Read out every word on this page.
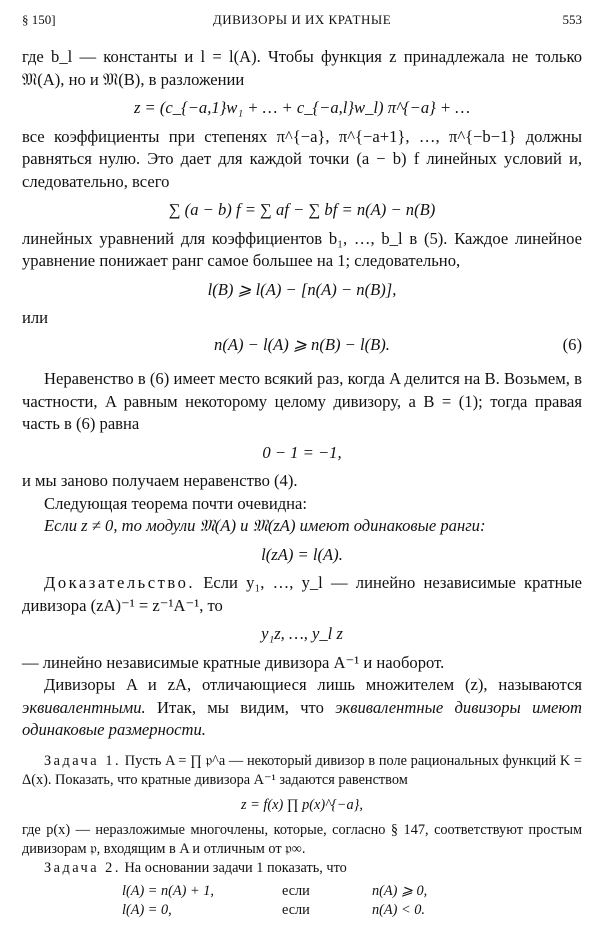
§ 150]	ДИВИЗОРЫ И ИХ КРАТНЫЕ	553

где b_l — константы и l = l(A). Чтобы функция z принадлежала не только 𝔐(A), но и 𝔐(B), в разложении

z = (c_{−a,1}w₁ + … + c_{−a,l}w_l) π^{−a} + …

все коэффициенты при степенях π^{−a}, π^{−a+1}, …, π^{−b−1} должны равняться нулю. Это дает для каждой точки (a − b) f линейных условий и, следовательно, всего

∑ (a − b) f = ∑ af − ∑ bf = n(A) − n(B)

линейных уравнений для коэффициентов b₁, …, b_l в (5). Каждое линейное уравнение понижает ранг самое большее на 1; следовательно,

l(B) ⩾ l(A) − [n(A) − n(B)],

или

n(A) − l(A) ⩾ n(B) − l(B).	(6)

Неравенство в (6) имеет место всякий раз, когда A делится на B. Возьмем, в частности, A равным некоторому целому дивизору, а B = (1); тогда правая часть в (6) равна

0 − 1 = −1,

и мы заново получаем неравенство (4).

Следующая теорема почти очевидна:

Если z ≠ 0, то модули 𝔐(A) и 𝔐(zA) имеют одинаковые ранги:

l(zA) = l(A).

Доказательство. Если y₁, …, y_l — линейно независимые кратные дивизора (zA)⁻¹ = z⁻¹A⁻¹, то

y₁z, …, y_l z

— линейно независимые кратные дивизора A⁻¹ и наоборот.

Дивизоры A и zA, отличающиеся лишь множителем (z), называются эквивалентными. Итак, мы видим, что эквивалентные дивизоры имеют одинаковые размерности.

Задача 1. Пусть A = ∏ 𝔭^a — некоторый дивизор в поле рациональных функций K = Δ(x). Показать, что кратные дивизора A⁻¹ задаются равенством

z = f(x) ∏ p(x)^{−a},

где p(x) — неразложимые многочлены, которые, согласно § 147, соответствуют простым дивизорам 𝔭, входящим в A и отличным от 𝔭∞.

Задача 2. На основании задачи 1 показать, что

l(A) = n(A) + 1,	если	n(A) ⩾ 0,
l(A) = 0,	если	n(A) < 0.
